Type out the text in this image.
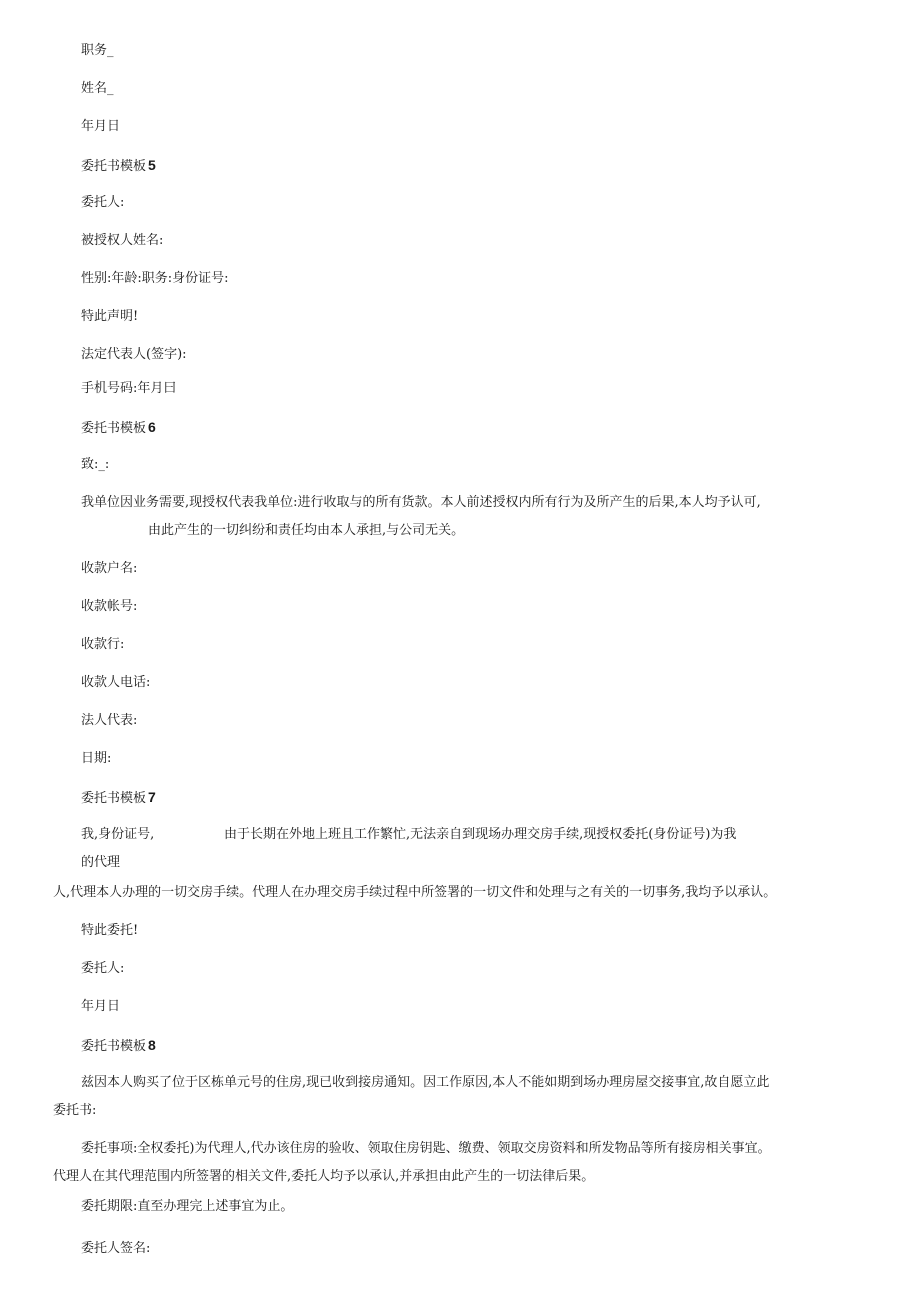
职务_
姓名_
年月日
委托书模板 5
委托人:
被授权人姓名:
性别:年龄:职务:身份证号:
特此声明!
法定代表人(签字):
手机号码:年月曰
委托书模板 6
致:_:
我单位因业务需要,现授权代表我单位:进行收取与的所有货款。本人前述授权内所有行为及所产生的后果,本人均予认可,
由此产生的一切纠纷和责任均由本人承担,与公司无关。
收款户名:
收款帐号:
收款行:
收款人电话:
法人代表:
日期:
委托书模板 7
我,身份证号,	由于长期在外地上班且工作繁忙,无法亲自到现场办理交房手续,现授权委托(身份证号)为我
的代理
人,代理本人办理的一切交房手续。代理人在办理交房手续过程中所签署的一切文件和处理与之有关的一切事务,我均予以承认。
特此委托!
委托人:
年月日
委托书模板 8
兹因本人购买了位于区栋单元号的住房,现已收到接房通知。因工作原因,本人不能如期到场办理房屋交接事宜,故自愿立此
委托书:
委托事项:全权委托)为代理人,代办该住房的验收、领取住房钥匙、缴费、领取交房资料和所发物品等所有接房相关事宜。
代理人在其代理范围内所签署的相关文件,委托人均予以承认,并承担由此产生的一切法律后果。
委托期限:直至办理完上述事宜为止。
委托人签名:
